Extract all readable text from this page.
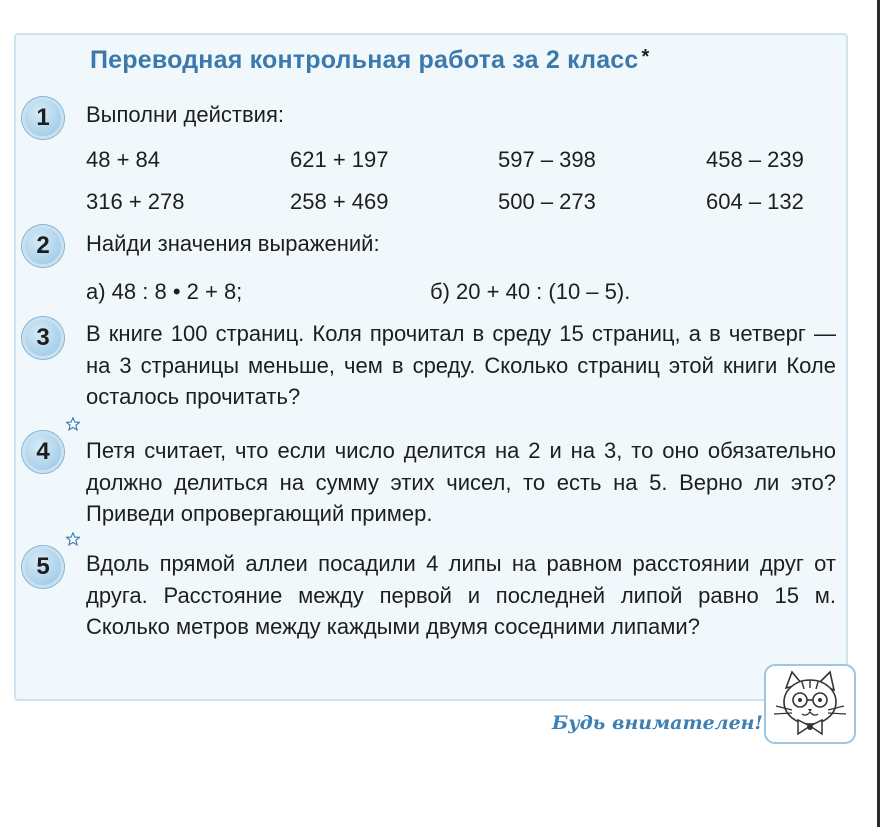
Переводная контрольная работа за 2 класс *
1	Выполни действия:
48 + 84	621 + 197	597 – 398	458 – 239
316 + 278	258 + 469	500 – 273	604 – 132
2	Найди значения выражений:
а) 48 : 8 • 2 + 8;	б) 20 + 40 : (10 – 5).
3	В книге 100 страниц. Коля прочитал в среду 15 страниц, а в четверг — на 3 страницы меньше, чем в среду. Сколько страниц этой книги Коле осталось прочитать?
4	Петя считает, что если число делится на 2 и на 3, то оно обязательно должно делиться на сумму этих чисел, то есть на 5. Верно ли это? Приведи опровергающий пример.
5	Вдоль прямой аллеи посадили 4 липы на равном расстоянии друг от друга. Расстояние между первой и последней липой равно 15 м. Сколько метров между каждыми двумя соседними липами?
Будь внимателен!
